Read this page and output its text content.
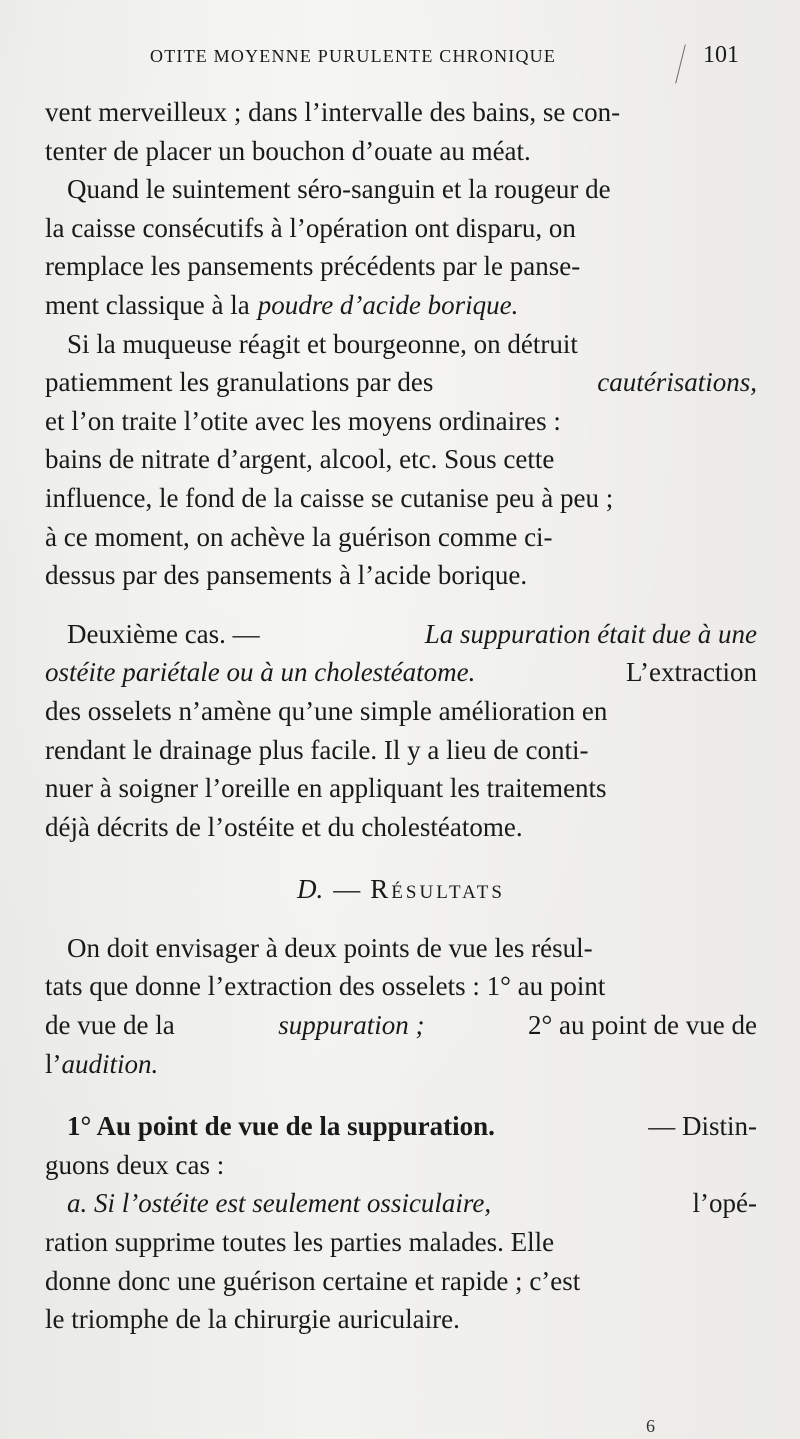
OTITE MOYENNE PURULENTE CHRONIQUE	101
vent merveilleux ; dans l’intervalle des bains, se con-
tenter de placer un bouchon d’ouate au méat.
Quand le suintement séro-sanguin et la rougeur de
la caisse consécutifs à l’opération ont disparu, on
remplace les pansements précédents par le panse-
ment classique à la poudre d’acide borique.
Si la muqueuse réagit et bourgeonne, on détruit
patiemment les granulations par des	cautérisations,
et l’on traite l’otite avec les moyens ordinaires :
bains de nitrate d’argent, alcool, etc. Sous cette
influence, le fond de la caisse se cutanise peu à peu ;
à ce moment, on achève la guérison comme ci-
dessus par des pansements à l’acide borique.
Deuxième cas. —	La suppuration était due à une
ostéite pariétale ou à un cholestéatome.	L’extraction
des osselets n’amène qu’une simple amélioration en
rendant le drainage plus facile. Il y a lieu de conti-
nuer à soigner l’oreille en appliquant les traitements
déjà décrits de l’ostéite et du cholestéatome.
D. — Résultats
On doit envisager à deux points de vue les résul-
tats que donne l’extraction des osselets : 1° au point
de vue de la	suppuration ;	2° au point de vue de
l’ audition.
1° Au point de vue de la suppuration.	— Distin-
guons deux cas :
a. Si l’ostéite est seulement ossiculaire,	l’opé-
ration supprime toutes les parties malades. Elle
donne donc une guérison certaine et rapide ; c’est
le triomphe de la chirurgie auriculaire.
6
